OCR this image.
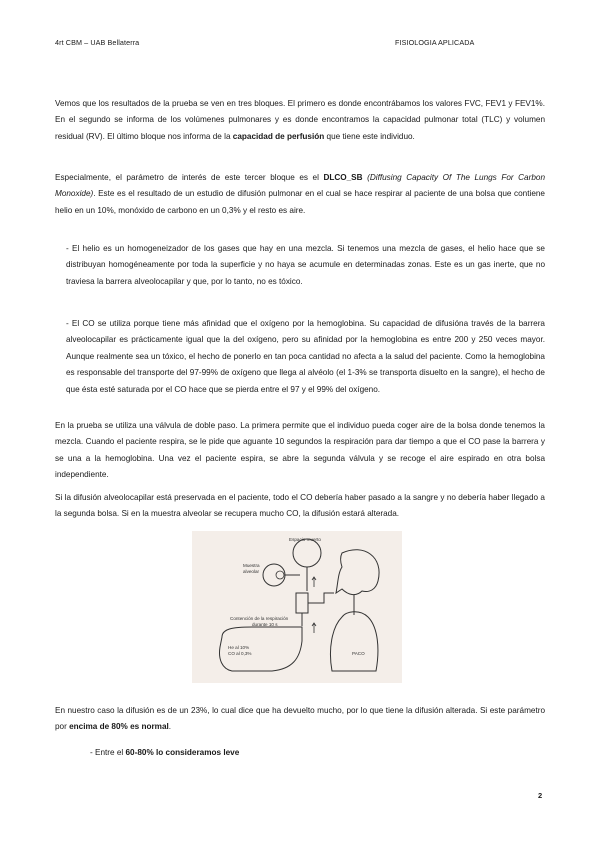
4rt CBM – UAB Bellaterra	FISIOLOGIA APLICADA
Vemos que los resultados de la prueba se ven en tres bloques. El primero es donde encontrábamos los valores FVC, FEV1 y FEV1%. En el segundo se informa de los volúmenes pulmonares y es donde encontramos la capacidad pulmonar total (TLC) y volumen residual (RV). El último bloque nos informa de la capacidad de perfusión que tiene este individuo.
Especialmente, el parámetro de interés de este tercer bloque es el DLCO_SB (Diffusing Capacity Of The Lungs For Carbon Monoxide). Este es el resultado de un estudio de difusión pulmonar en el cual se hace respirar al paciente de una bolsa que contiene helio en un 10%, monóxido de carbono en un 0,3% y el resto es aire.
- El helio es un homogeneizador de los gases que hay en una mezcla. Si tenemos una mezcla de gases, el helio hace que se distribuyan homogéneamente por toda la superficie y no haya se acumule en determinadas zonas. Este es un gas inerte, que no traviesa la barrera alveolocapilar y que, por lo tanto, no es tóxico.
- El CO se utiliza porque tiene más afinidad que el oxígeno por la hemoglobina. Su capacidad de difusióna través de la barrera alveolocapilar es prácticamente igual que la del oxígeno, pero su afinidad por la hemoglobina es entre 200 y 250 veces mayor. Aunque realmente sea un tóxico, el hecho de ponerlo en tan poca cantidad no afecta a la salud del paciente. Como la hemoglobina es responsable del transporte del 97-99% de oxígeno que llega al alvéolo (el 1-3% se transporta disuelto en la sangre), el hecho de que ésta esté saturada por el CO hace que se pierda entre el 97 y el 99% del oxígeno.
En la prueba se utiliza una válvula de doble paso. La primera permite que el individuo pueda coger aire de la bolsa donde tenemos la mezcla. Cuando el paciente respira, se le pide que aguante 10 segundos la respiración para dar tiempo a que el CO pase la barrera y se una a la hemoglobina. Una vez el paciente espira, se abre la segunda válvula y se recoge el aire espirado en otra bolsa independiente.
Si la difusión alveolocapilar está preservada en el paciente, todo el CO debería haber pasado a la sangre y no debería haber llegado a la segunda bolsa. Si en la muestra alveolar se recupera mucho CO, la difusión estará alterada.
Espacio muerto
Muestra
alveolar
PACO
Contención de la respiración
durante 10 s
He al 10%
CO al 0,3%
En nuestro caso la difusión es de un 23%, lo cual dice que ha devuelto mucho, por lo que tiene la difusión alterada. Si este parámetro por encima de 80% es normal.
- Entre el 60-80% lo consideramos leve
2
